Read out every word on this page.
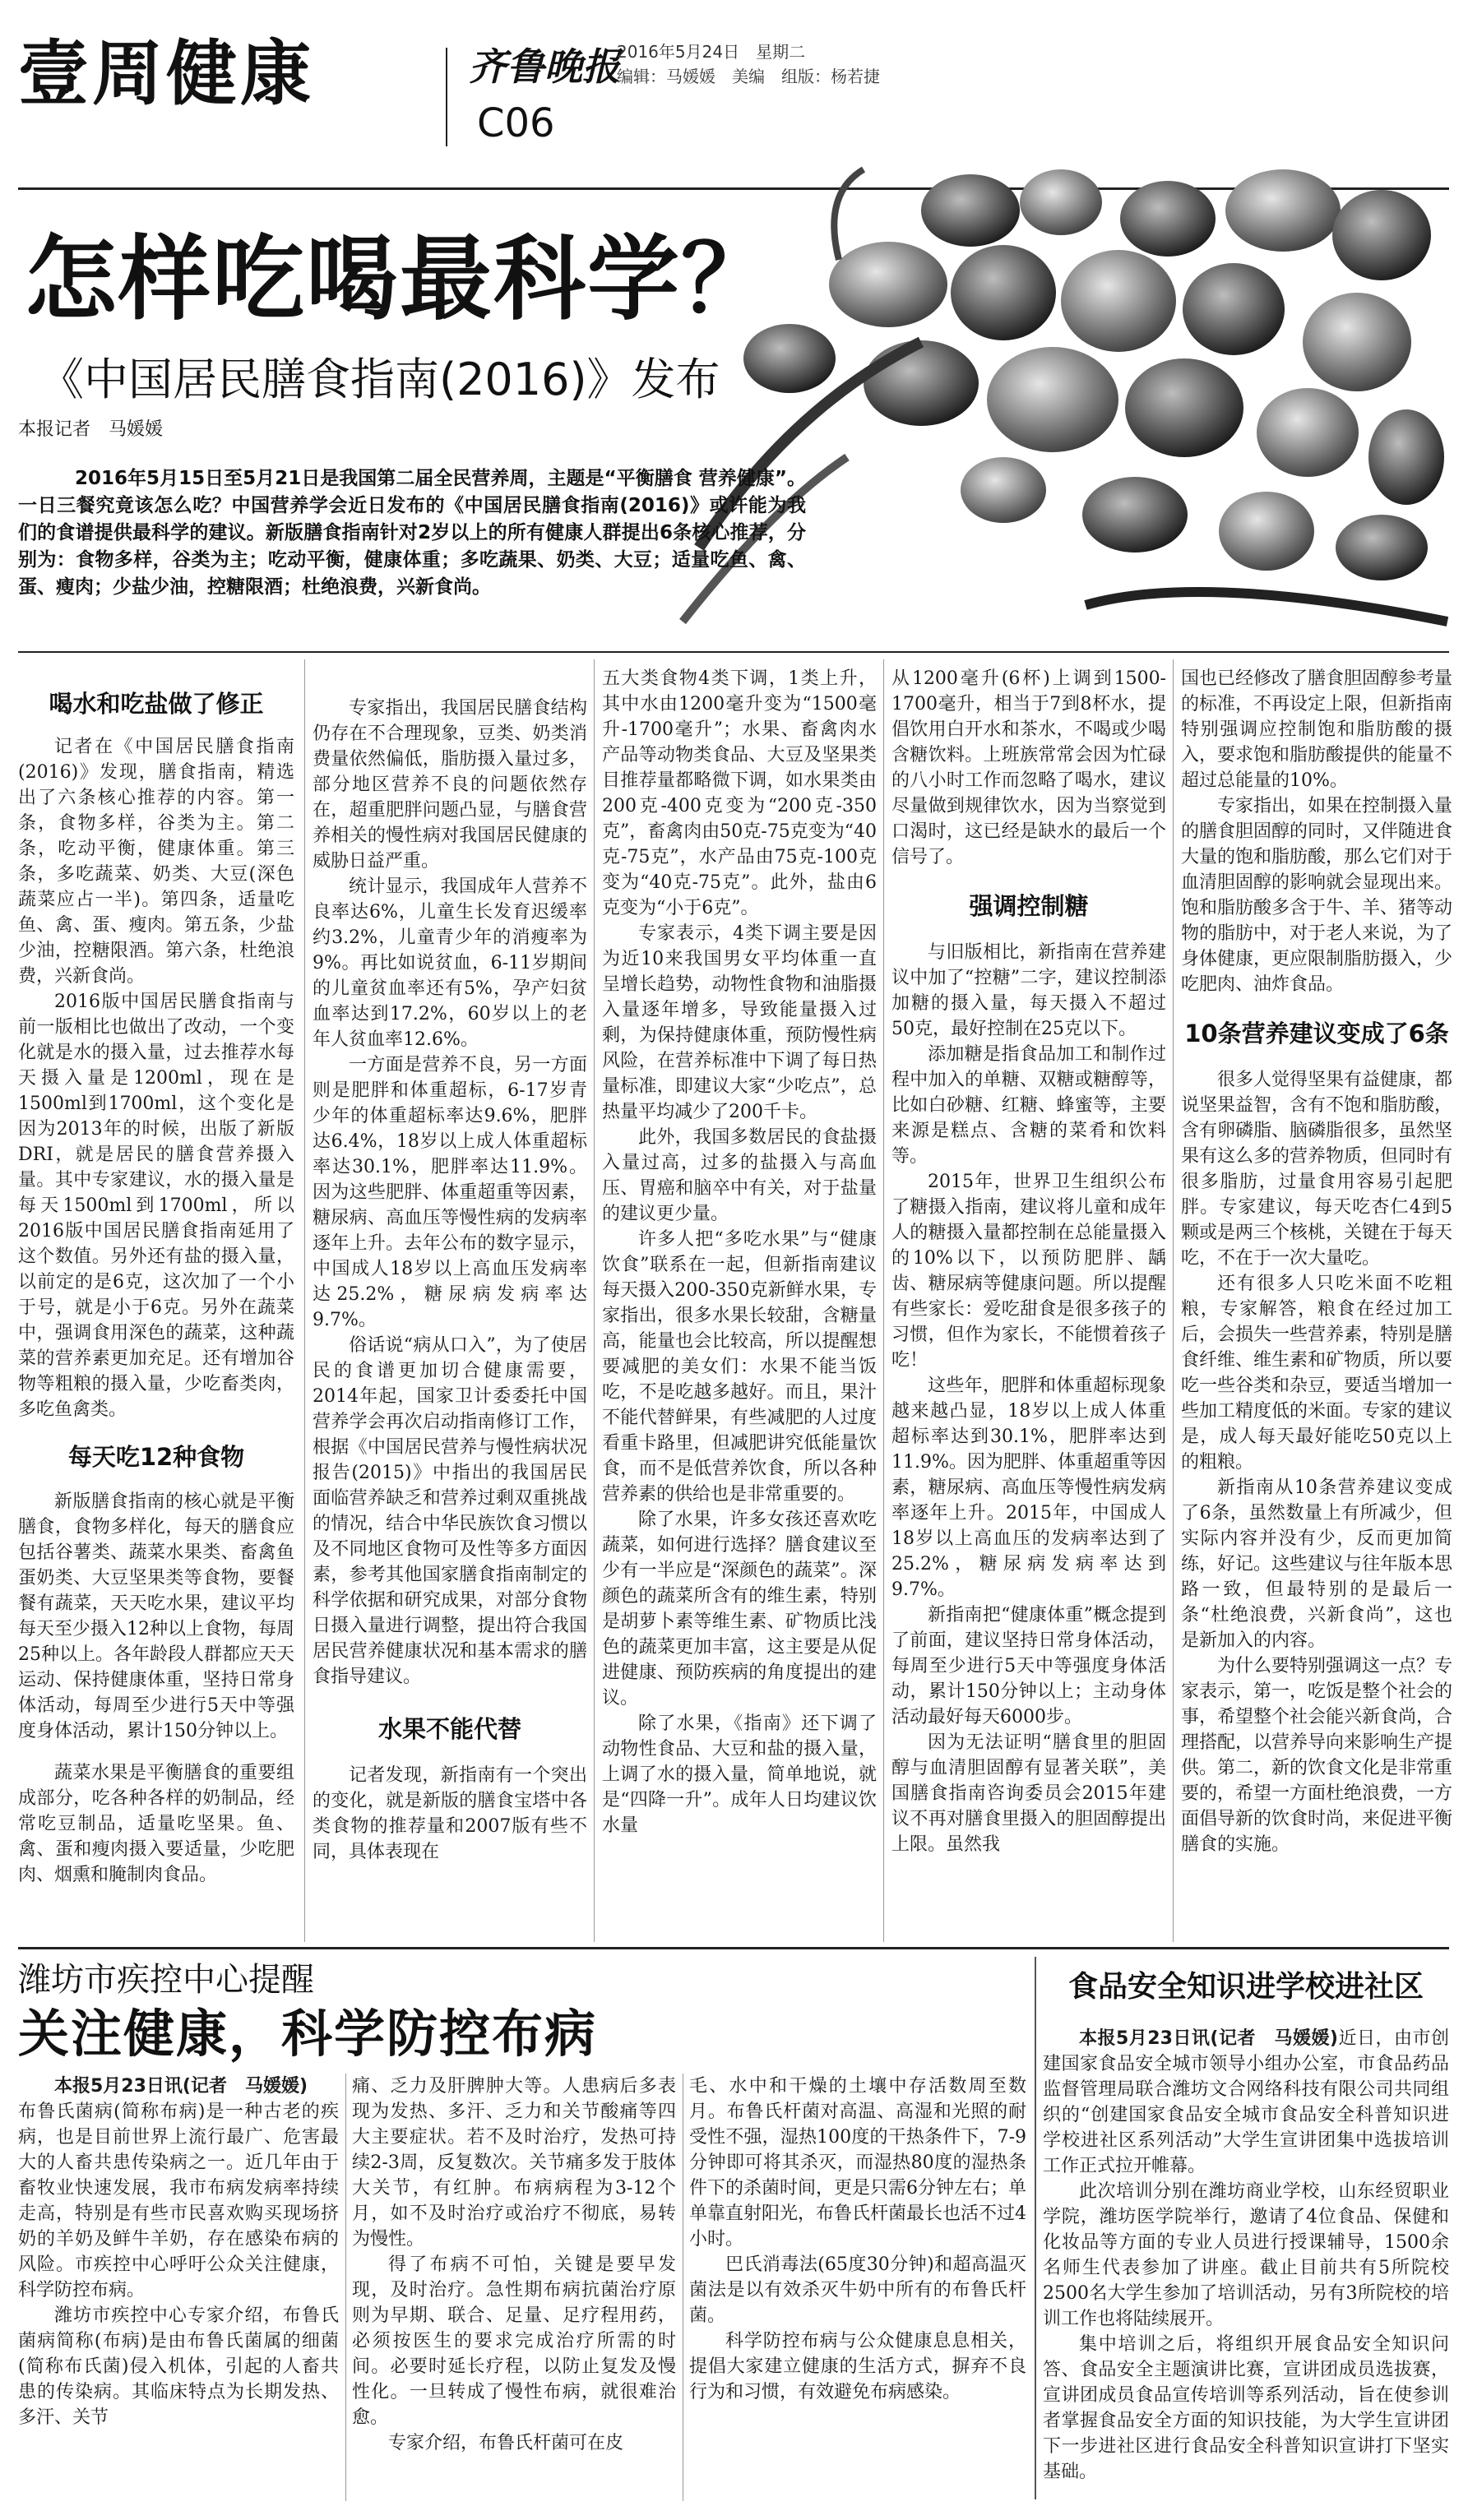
壹周健康	齐鲁晚报
C06
2016年5月24日　星期二
编辑：马媛媛　美编　组版：杨若捷
怎样吃喝最科学？
《中国居民膳食指南(2016)》发布
本报记者　马媛媛
2016年5月15日至5月21日是我国第二届全民营养周，主题是“平衡膳食 营养健康”。一日三餐究竟该怎么吃？中国营养学会近日发布的《中国居民膳食指南(2016)》或许能为我们的食谱提供最科学的建议。新版膳食指南针对2岁以上的所有健康人群提出6条核心推荐，分别为：食物多样，谷类为主；吃动平衡，健康体重；多吃蔬果、奶类、大豆；适量吃鱼、禽、蛋、瘦肉；少盐少油，控糖限酒；杜绝浪费，兴新食尚。
喝水和吃盐做了修正
记者在《中国居民膳食指南(2016)》发现，膳食指南，精选出了六条核心推荐的内容。第一条，食物多样，谷类为主。第二条，吃动平衡，健康体重。第三条，多吃蔬菜、奶类、大豆(深色蔬菜应占一半)。第四条，适量吃鱼、禽、蛋、瘦肉。第五条，少盐少油，控糖限酒。第六条，杜绝浪费，兴新食尚。
2016版中国居民膳食指南与前一版相比也做出了改动，一个变化就是水的摄入量，过去推荐水每天摄入量是1200ml，现在是1500ml到1700ml，这个变化是因为2013年的时候，出版了新版DRI，就是居民的膳食营养摄入量。其中专家建议，水的摄入量是每天1500ml到1700ml，所以2016版中国居民膳食指南延用了这个数值。另外还有盐的摄入量，以前定的是6克，这次加了一个小于号，就是小于6克。另外在蔬菜中，强调食用深色的蔬菜，这种蔬菜的营养素更加充足。还有增加谷物等粗粮的摄入量，少吃畜类肉，多吃鱼禽类。
每天吃12种食物
新版膳食指南的核心就是平衡膳食，食物多样化，每天的膳食应包括谷薯类、蔬菜水果类、畜禽鱼蛋奶类、大豆坚果类等食物，要餐餐有蔬菜，天天吃水果，建议平均每天至少摄入12种以上食物，每周25种以上。各年龄段人群都应天天运动、保持健康体重，坚持日常身体活动，每周至少进行5天中等强度身体活动，累计150分钟以上。
蔬菜水果是平衡膳食的重要组成部分，吃各种各样的奶制品，经常吃豆制品，适量吃坚果。鱼、禽、蛋和瘦肉摄入要适量，少吃肥肉、烟熏和腌制肉食品。
专家指出，我国居民膳食结构仍存在不合理现象，豆类、奶类消费量依然偏低，脂肪摄入量过多，部分地区营养不良的问题依然存在，超重肥胖问题凸显，与膳食营养相关的慢性病对我国居民健康的威胁日益严重。
统计显示，我国成年人营养不良率达6%，儿童生长发育迟缓率约3.2%，儿童青少年的消瘦率为9%。再比如说贫血，6-11岁期间的儿童贫血率还有5%，孕产妇贫血率达到17.2%，60岁以上的老年人贫血率12.6%。
一方面是营养不良，另一方面则是肥胖和体重超标，6-17岁青少年的体重超标率达9.6%，肥胖达6.4%，18岁以上成人体重超标率达30.1%，肥胖率达11.9%。因为这些肥胖、体重超重等因素，糖尿病、高血压等慢性病的发病率逐年上升。去年公布的数字显示，中国成人18岁以上高血压发病率达25.2%，糖尿病发病率达9.7%。
俗话说“病从口入”，为了使居民的食谱更加切合健康需要，2014年起，国家卫计委委托中国营养学会再次启动指南修订工作，根据《中国居民营养与慢性病状况报告(2015)》中指出的我国居民面临营养缺乏和营养过剩双重挑战的情况，结合中华民族饮食习惯以及不同地区食物可及性等多方面因素，参考其他国家膳食指南制定的科学依据和研究成果，对部分食物日摄入量进行调整，提出符合我国居民营养健康状况和基本需求的膳食指导建议。
水果不能代替
记者发现，新指南有一个突出的变化，就是新版的膳食宝塔中各类食物的推荐量和2007版有些不同，具体表现在
五大类食物4类下调，1类上升，其中水由1200毫升变为“1500毫升-1700毫升”；水果、畜禽肉水产品等动物类食品、大豆及坚果类目推荐量都略微下调，如水果类由200克-400克变为“200克-350克”，畜禽肉由50克-75克变为“40克-75克”，水产品由75克-100克变为“40克-75克”。此外，盐由6克变为“小于6克”。
专家表示，4类下调主要是因为近10来我国男女平均体重一直呈增长趋势，动物性食物和油脂摄入量逐年增多，导致能量摄入过剩，为保持健康体重，预防慢性病风险，在营养标准中下调了每日热量标准，即建议大家“少吃点”，总热量平均减少了200千卡。
此外，我国多数居民的食盐摄入量过高，过多的盐摄入与高血压、胃癌和脑卒中有关，对于盐量的建议更少量。
许多人把“多吃水果”与“健康饮食”联系在一起，但新指南建议每天摄入200-350克新鲜水果，专家指出，很多水果长较甜，含糖量高，能量也会比较高，所以提醒想要减肥的美女们：水果不能当饭吃，不是吃越多越好。而且，果汁不能代替鲜果，有些减肥的人过度看重卡路里，但减肥讲究低能量饮食，而不是低营养饮食，所以各种营养素的供给也是非常重要的。
除了水果，许多女孩还喜欢吃蔬菜，如何进行选择？膳食建议至少有一半应是“深颜色的蔬菜”。深颜色的蔬菜所含有的维生素，特别是胡萝卜素等维生素、矿物质比浅色的蔬菜更加丰富，这主要是从促进健康、预防疾病的角度提出的建议。
除了水果，《指南》还下调了动物性食品、大豆和盐的摄入量，上调了水的摄入量，简单地说，就是“四降一升”。成年人日均建议饮水量
从1200毫升(6杯)上调到1500-1700毫升，相当于7到8杯水，提倡饮用白开水和茶水，不喝或少喝含糖饮料。上班族常常会因为忙碌的八小时工作而忽略了喝水，建议尽量做到规律饮水，因为当察觉到口渴时，这已经是缺水的最后一个信号了。
强调控制糖
与旧版相比，新指南在营养建议中加了“控糖”二字，建议控制添加糖的摄入量，每天摄入不超过50克，最好控制在25克以下。
添加糖是指食品加工和制作过程中加入的单糖、双糖或糖醇等，比如白砂糖、红糖、蜂蜜等，主要来源是糕点、含糖的菜肴和饮料等。
2015年，世界卫生组织公布了糖摄入指南，建议将儿童和成年人的糖摄入量都控制在总能量摄入的10%以下，以预防肥胖、龋齿、糖尿病等健康问题。所以提醒有些家长：爱吃甜食是很多孩子的习惯，但作为家长，不能惯着孩子吃！
这些年，肥胖和体重超标现象越来越凸显，18岁以上成人体重超标率达到30.1%，肥胖率达到11.9%。因为肥胖、体重超重等因素，糖尿病、高血压等慢性病发病率逐年上升。2015年，中国成人18岁以上高血压的发病率达到了25.2%，糖尿病发病率达到9.7%。
新指南把“健康体重”概念提到了前面，建议坚持日常身体活动，每周至少进行5天中等强度身体活动，累计150分钟以上；主动身体活动最好每天6000步。
因为无法证明“膳食里的胆固醇与血清胆固醇有显著关联”，美国膳食指南咨询委员会2015年建议不再对膳食里摄入的胆固醇提出上限。虽然我
国也已经修改了膳食胆固醇参考量的标准，不再设定上限，但新指南特别强调应控制饱和脂肪酸的摄入，要求饱和脂肪酸提供的能量不超过总能量的10%。
专家指出，如果在控制摄入量的膳食胆固醇的同时，又伴随进食大量的饱和脂肪酸，那么它们对于血清胆固醇的影响就会显现出来。饱和脂肪酸多含于牛、羊、猪等动物的脂肪中，对于老人来说，为了身体健康，更应限制脂肪摄入，少吃肥肉、油炸食品。
10条营养建议变成了6条
很多人觉得坚果有益健康，都说坚果益智，含有不饱和脂肪酸，含有卵磷脂、脑磷脂很多，虽然坚果有这么多的营养物质，但同时有很多脂肪，过量食用容易引起肥胖。专家建议，每天吃杏仁4到5颗或是两三个核桃，关键在于每天吃，不在于一次大量吃。
还有很多人只吃米面不吃粗粮，专家解答，粮食在经过加工后，会损失一些营养素，特别是膳食纤维、维生素和矿物质，所以要吃一些谷类和杂豆，要适当增加一些加工精度低的米面。专家的建议是，成人每天最好能吃50克以上的粗粮。
新指南从10条营养建议变成了6条，虽然数量上有所减少，但实际内容并没有少，反而更加简练，好记。这些建议与往年版本思路一致，但最特别的是最后一条“杜绝浪费，兴新食尚”，这也是新加入的内容。
为什么要特别强调这一点？专家表示，第一，吃饭是整个社会的事，希望整个社会能兴新食尚，合理搭配，以营养导向来影响生产提供。第二，新的饮食文化是非常重要的，希望一方面杜绝浪费，一方面倡导新的饮食时尚，来促进平衡膳食的实施。
潍坊市疾控中心提醒
关注健康，科学防控布病
本报5月23日讯(记者　马媛媛)
布鲁氏菌病(简称布病)是一种古老的疾病，也是目前世界上流行最广、危害最大的人畜共患传染病之一。近几年由于畜牧业快速发展，我市布病发病率持续走高，特别是有些市民喜欢购买现场挤奶的羊奶及鲜牛羊奶，存在感染布病的风险。市疾控中心呼吁公众关注健康，科学防控布病。
潍坊市疾控中心专家介绍，布鲁氏菌病简称(布病)是由布鲁氏菌属的细菌(简称布氏菌)侵入机体，引起的人畜共患的传染病。其临床特点为长期发热、多汗、关节
痛、乏力及肝脾肿大等。人患病后多表现为发热、多汗、乏力和关节酸痛等四大主要症状。若不及时治疗，发热可持续2-3周，反复数次。关节痛多发于肢体大关节，有红肿。布病病程为3-12个月，如不及时治疗或治疗不彻底，易转为慢性。
得了布病不可怕，关键是要早发现，及时治疗。急性期布病抗菌治疗原则为早期、联合、足量、足疗程用药，必须按医生的要求完成治疗所需的时间。必要时延长疗程，以防止复发及慢性化。一旦转成了慢性布病，就很难治愈。
专家介绍，布鲁氏杆菌可在皮
毛、水中和干燥的土壤中存活数周至数月。布鲁氏杆菌对高温、高湿和光照的耐受性不强，湿热100度的干热条件下，7-9分钟即可将其杀灭，而湿热80度的湿热条件下的杀菌时间，更是只需6分钟左右；单单靠直射阳光，布鲁氏杆菌最长也活不过4小时。
巴氏消毒法(65度30分钟)和超高温灭菌法是以有效杀灭牛奶中所有的布鲁氏杆菌。
科学防控布病与公众健康息息相关，提倡大家建立健康的生活方式，摒弃不良行为和习惯，有效避免布病感染。
食品安全知识进学校进社区
本报5月23日讯(记者　马媛媛)近日，由市创建国家食品安全城市领导小组办公室，市食品药品监督管理局联合潍坊文合网络科技有限公司共同组织的“创建国家食品安全城市食品安全科普知识进学校进社区系列活动”大学生宣讲团集中选拔培训工作正式拉开帷幕。
此次培训分别在潍坊商业学校，山东经贸职业学院，潍坊医学院举行，邀请了4位食品、保健和化妆品等方面的专业人员进行授课辅导，1500余名师生代表参加了讲座。截止目前共有5所院校2500名大学生参加了培训活动，另有3所院校的培训工作也将陆续展开。
集中培训之后，将组织开展食品安全知识问答、食品安全主题演讲比赛，宣讲团成员选拔赛，宣讲团成员食品宣传培训等系列活动，旨在使参训者掌握食品安全方面的知识技能，为大学生宣讲团下一步进社区进行食品安全科普知识宣讲打下坚实基础。
